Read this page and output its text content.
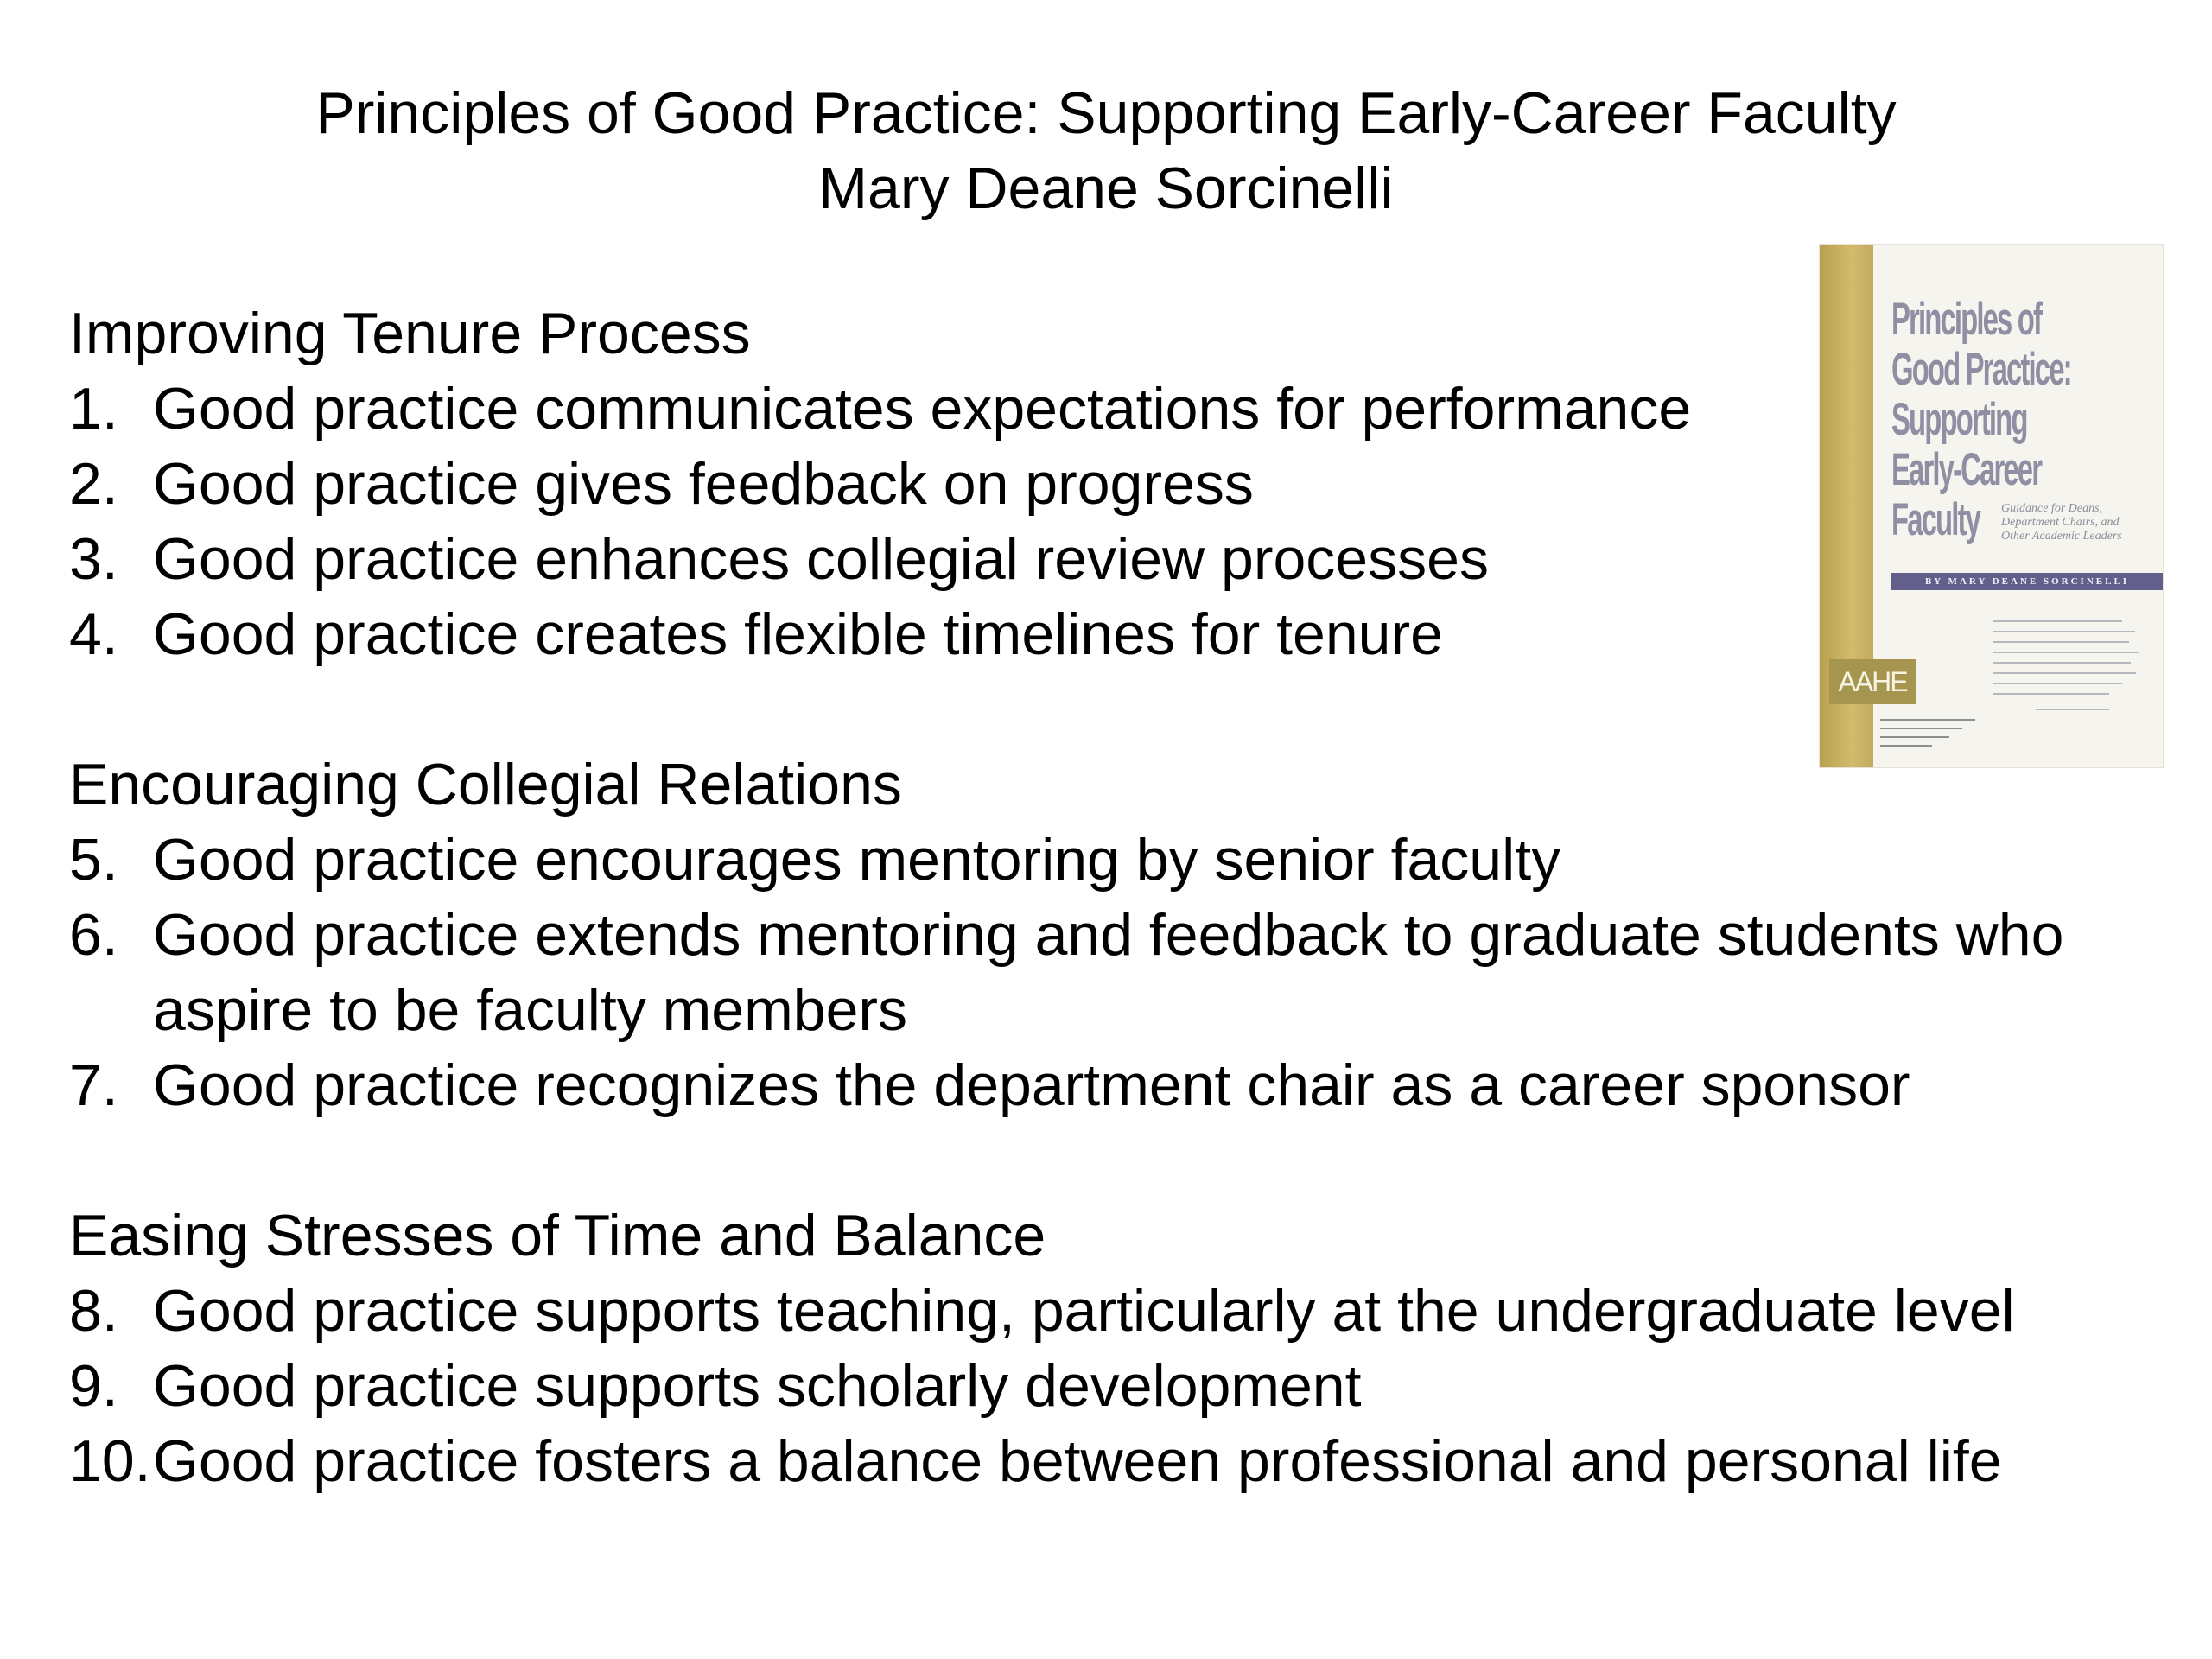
Principles of Good Practice: Supporting Early-Career Faculty
Mary Deane Sorcinelli
Improving Tenure Process
1. Good practice communicates expectations for performance
2. Good practice gives feedback on progress
3. Good practice enhances collegial review processes
4. Good practice creates flexible timelines for tenure
Encouraging Collegial Relations
5. Good practice encourages mentoring by senior faculty
6. Good practice extends mentoring and feedback to graduate students who aspire to be faculty members
7. Good practice recognizes the department chair as a career sponsor
Easing Stresses of Time and Balance
8. Good practice supports teaching, particularly at the undergraduate level
9. Good practice supports scholarly development
10. Good practice fosters a balance between professional and personal life
Principles of
Good Practice:
Supporting
Early-Career
Faculty Guidance for Deans, Department Chairs, and Other Academic Leaders
BY MARY DEANE SORCINELLI
AAHE
